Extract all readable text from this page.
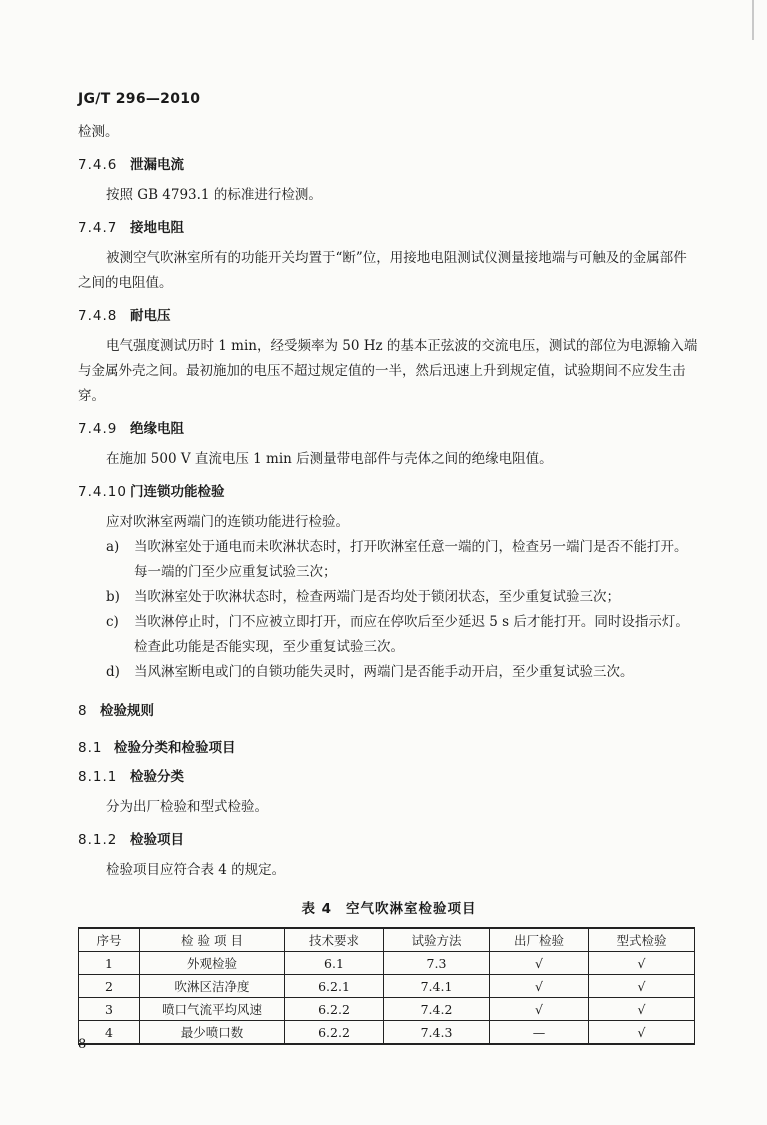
JG/T 296—2010

检测。

7.4.6 泄漏电流

按照 GB 4793.1 的标准进行检测。

7.4.7 接地电阻

被测空气吹淋室所有的功能开关均置于“断”位，用接地电阻测试仪测量接地端与可触及的金属部件之间的电阻值。

7.4.8 耐电压

电气强度测试历时 1 min，经受频率为 50 Hz 的基本正弦波的交流电压，测试的部位为电源输入端与金属外壳之间。最初施加的电压不超过规定值的一半，然后迅速上升到规定值，试验期间不应发生击穿。

7.4.9 绝缘电阻

在施加 500 V 直流电压 1 min 后测量带电部件与壳体之间的绝缘电阻值。

7.4.10 门连锁功能检验

应对吹淋室两端门的连锁功能进行检验。

a)	当吹淋室处于通电而未吹淋状态时，打开吹淋室任意一端的门，检查另一端门是否不能打开。每一端的门至少应重复试验三次；
b)	当吹淋室处于吹淋状态时，检查两端门是否均处于锁闭状态，至少重复试验三次；
c)	当吹淋停止时，门不应被立即打开，而应在停吹后至少延迟 5 s 后才能打开。同时设指示灯。检查此功能是否能实现，至少重复试验三次。
d)	当风淋室断电或门的自锁功能失灵时，两端门是否能手动开启，至少重复试验三次。
8 检验规则
8.1 检验分类和检验项目
8.1.1 检验分类

分为出厂检验和型式检验。

8.1.2 检验项目

检验项目应符合表 4 的规定。

表 4 空气吹淋室检验项目
序号	检 验 项 目	技术要求	试验方法	出厂检验	型式检验
1	外观检验	6.1	7.3	√	√
2	吹淋区洁净度	6.2.1	7.4.1	√	√
3	喷口气流平均风速	6.2.2	7.4.2	√	√
4	最少喷口数	6.2.2	7.4.3	—	√
8
